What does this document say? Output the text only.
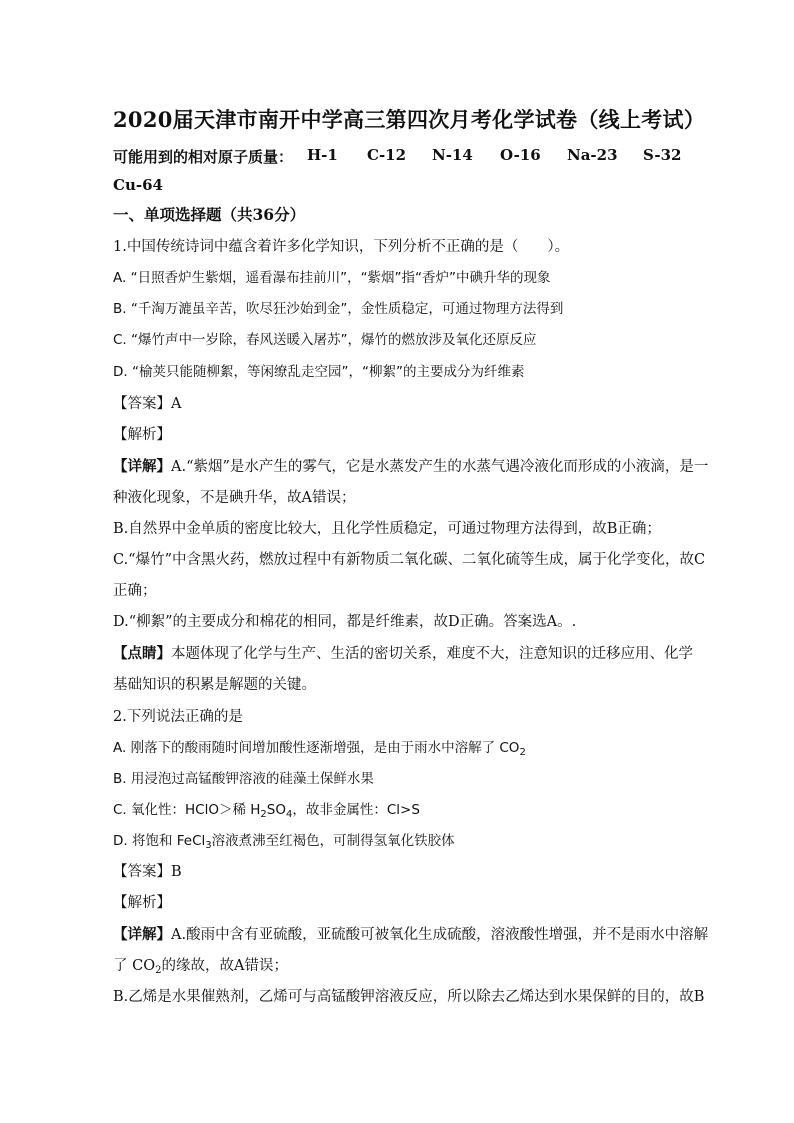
2020届天津市南开中学高三第四次月考化学试卷（线上考试）
可能用到的相对原子质量： H-1 C-12 N-14 O-16 Na-23 S-32
Cu-64
一、单项选择题（共36分）
1.中国传统诗词中蕴含着许多化学知识，下列分析不正确的是（　　）。
A. “日照香炉生紫烟，遥看瀑布挂前川”，“紫烟”指“香炉”中碘升华的现象
B. “千淘万漉虽辛苦，吹尽狂沙始到金”，金性质稳定，可通过物理方法得到
C. “爆竹声中一岁除，春风送暖入屠苏”，爆竹的燃放涉及氧化还原反应
D. “榆荚只能随柳絮，等闲缭乱走空园”，“柳絮”的主要成分为纤维素
【答案】A
【解析】
【详解】A.“紫烟”是水产生的雾气，它是水蒸发产生的水蒸气遇冷液化而形成的小液滴，是一
种液化现象，不是碘升华，故A错误；
B.自然界中金单质的密度比较大，且化学性质稳定，可通过物理方法得到，故B正确；
C.“爆竹”中含黑火药，燃放过程中有新物质二氧化碳、二氧化硫等生成，属于化学变化，故C
正确；
D.“柳絮”的主要成分和棉花的相同，都是纤维素，故D正确。答案选A。.
【点睛】本题体现了化学与生产、生活的密切关系，难度不大，注意知识的迁移应用、化学
基础知识的积累是解题的关键。
2.下列说法正确的是
A. 刚落下的酸雨随时间增加酸性逐渐增强，是由于雨水中溶解了 $CO_2$
B. 用浸泡过高锰酸钾溶液的硅藻土保鲜水果
C. 氧化性：HClO＞稀 $H_2SO_4$，故非金属性：Cl>S
D. 将饱和 FeCl$_3$溶液煮沸至红褐色，可制得氢氧化铁胶体
【答案】B
【解析】
【详解】A.酸雨中含有亚硫酸，亚硫酸可被氧化生成硫酸，溶液酸性增强，并不是雨水中溶解
了 $CO_2$的缘故，故A错误；
B.乙烯是水果催熟剂，乙烯可与高锰酸钾溶液反应，所以除去乙烯达到水果保鲜的目的，故B
